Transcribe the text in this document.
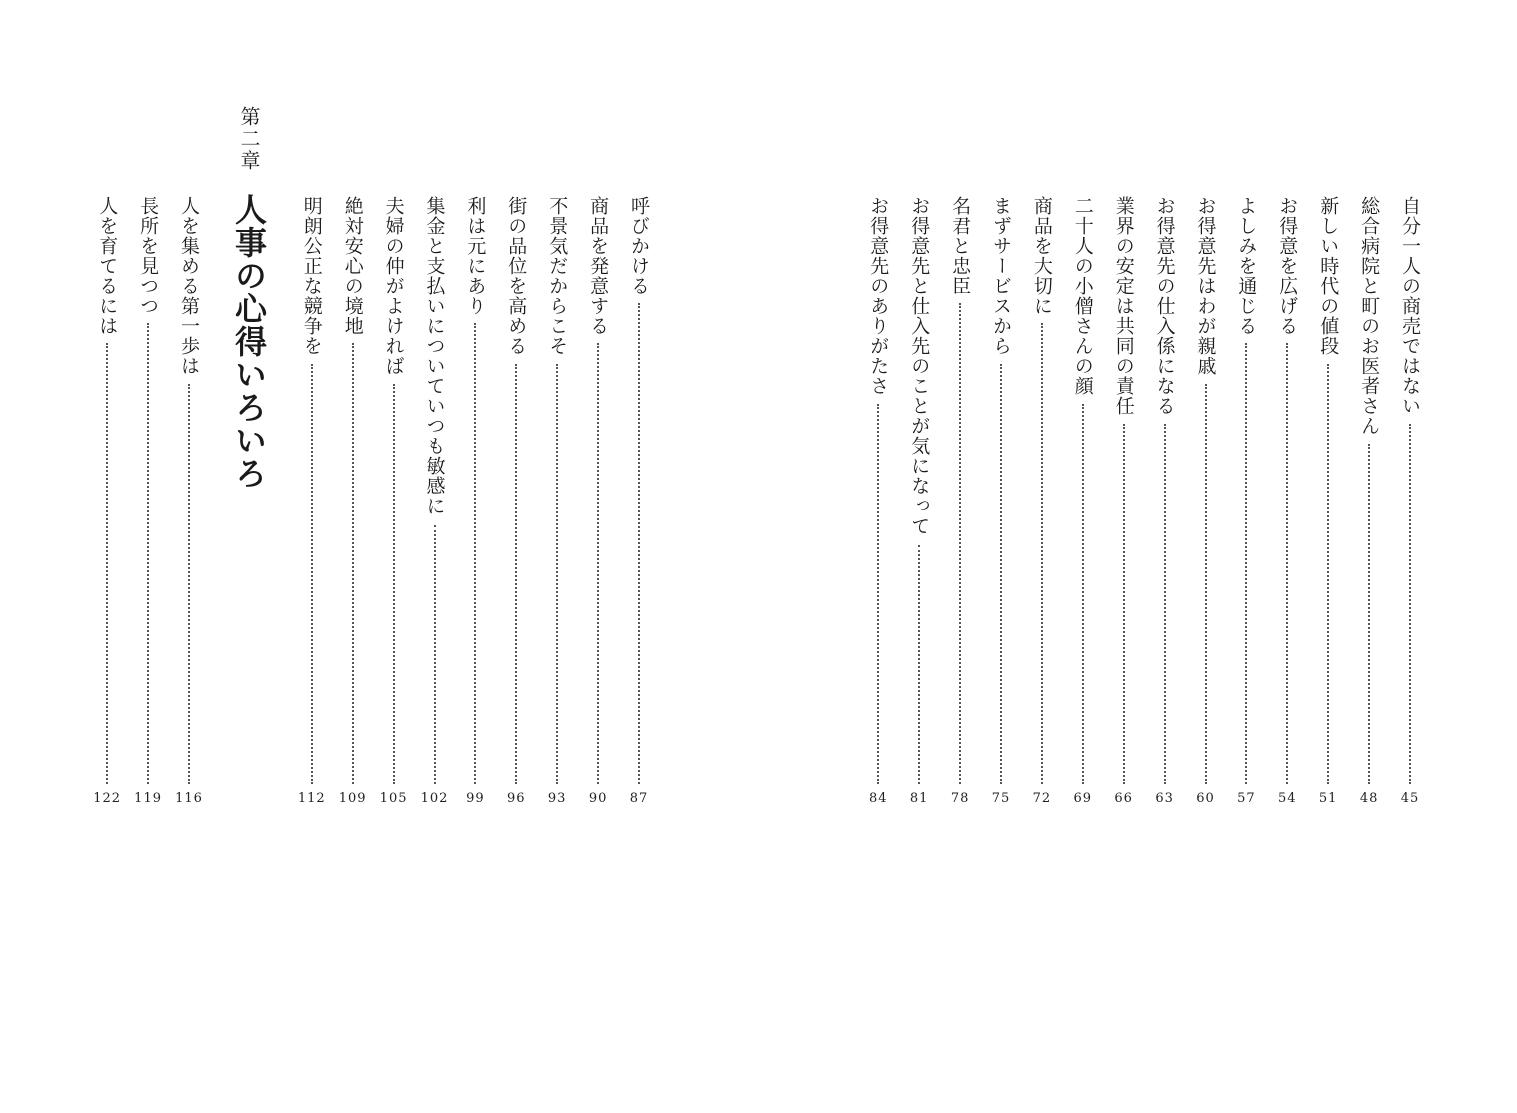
第二章
人事の心得いろいろ	自分一人の商売ではない
45
総合病院と町のお医者さん
48
新しい時代の値段
51
お得意を広げる
54
よしみを通じる
57
お得意先はわが親戚
60
お得意先の仕入係になる
63
業界の安定は共同の責任
66
二十人の小僧さんの顔
69
商品を大切に
72
まずサービスから
75
名君と忠臣
78
お得意先と仕入先のことが気になって
81
お得意先のありがたさ
84
呼びかける
87
商品を発意する
90
不景気だからこそ
93
街の品位を高める
96
利は元にあり
99
集金と支払いについていつも敏感に
102
夫婦の仲がよければ
105
絶対安心の境地
109
明朗公正な競争を
112
人を集める第一歩は
116
長所を見つつ
119
人を育てるには
122
